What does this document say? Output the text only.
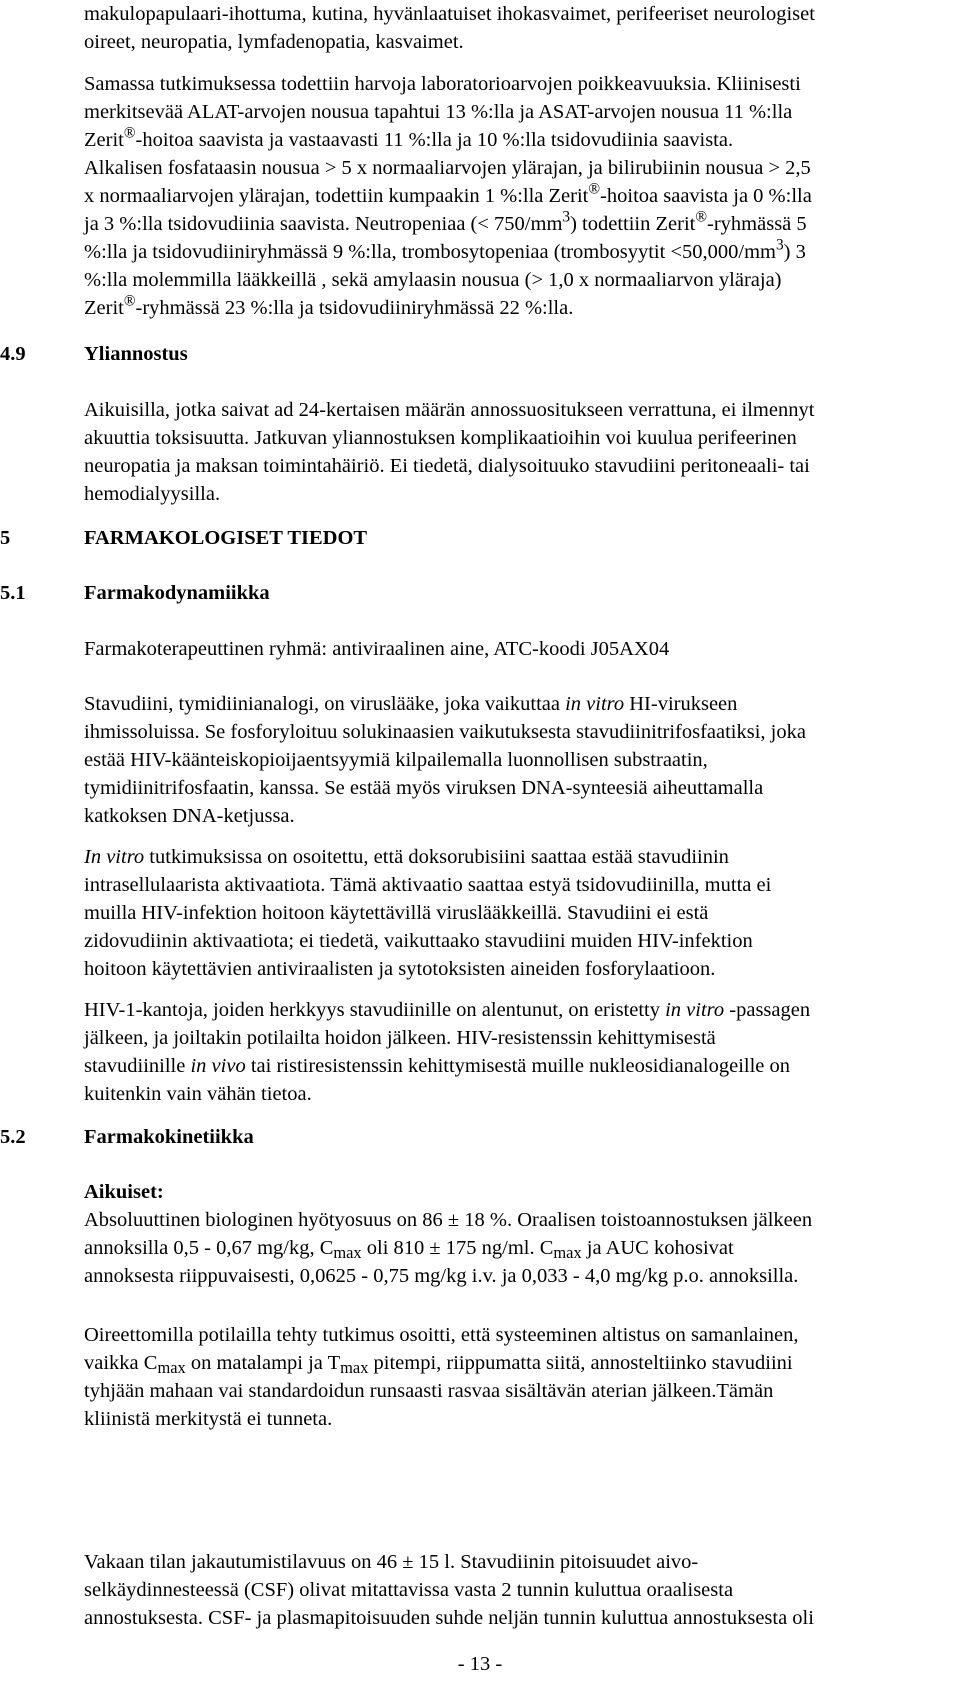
makulopapulaari-ihottuma, kutina, hyvänlaatuiset ihokasvaimet, perifeeriset neurologiset

oireet, neuropatia, lymfadenopatia, kasvaimet.

Samassa tutkimuksessa todettiin harvoja laboratorioarvojen poikkeavuuksia. Kliinisesti

merkitsevää ALAT-arvojen nousua tapahtui 13 %:lla ja ASAT-arvojen nousua 11 %:lla

Zerit®-hoitoa saavista ja vastaavasti 11 %:lla ja 10 %:lla tsidovudiinia saavista.

Alkalisen fosfataasin nousua > 5 x normaaliarvojen ylärajan, ja bilirubiinin nousua > 2,5

x normaaliarvojen ylärajan, todettiin kumpaakin 1 %:lla Zerit®-hoitoa saavista ja 0 %:lla

ja 3 %:lla tsidovudiinia saavista. Neutropeniaa (< $750/mm^3$) todettiin Zerit®-ryhmässä 5

%:lla ja tsidovudiiniryhmässä 9 %:lla, trombosytopeniaa (trombosyytit $<50,000/mm^3$) 3

%:lla molemmilla lääkkeillä , sekä amylaasin nousua (> 1,0 x normaaliarvon yläraja)

Zerit®-ryhmässä 23 %:lla ja tsidovudiiniryhmässä 22 %:lla.

4.9	Yliannostus

Aikuisilla, jotka saivat ad 24-kertaisen määrän annossuositukseen verrattuna, ei ilmennyt

akuuttia toksisuutta. Jatkuvan yliannostuksen komplikaatioihin voi kuulua perifeerinen

neuropatia ja maksan toimintahäiriö. Ei tiedetä, dialysoituuko stavudiini peritoneaali- tai

hemodialyysilla.

5	FARMAKOLOGISET TIEDOT
5.1	Farmakodynamiikka

Farmakoterapeuttinen ryhmä: antiviraalinen aine, ATC-koodi J05AX04

Stavudiini, tymidiinianalogi, on viruslääke, joka vaikuttaa in vitro HI-virukseen

ihmissoluissa. Se fosforyloituu solukinaasien vaikutuksesta stavudiinitrifosfaatiksi, joka

estää HIV-käänteiskopioijaentsyymiä kilpailemalla luonnollisen substraatin,

tymidiinitrifosfaatin, kanssa. Se estää myös viruksen DNA-synteesiä aiheuttamalla

katkoksen DNA-ketjussa.

In vitro tutkimuksissa on osoitettu, että doksorubisiini saattaa estää stavudiinin

intrasellulaarista aktivaatiota. Tämä aktivaatio saattaa estyä tsidovudiinilla, mutta ei

muilla HIV-infektion hoitoon käytettävillä viruslääkkeillä. Stavudiini ei estä

zidovudiinin aktivaatiota; ei tiedetä, vaikuttaako stavudiini muiden HIV-infektion

hoitoon käytettävien antiviraalisten ja sytotoksisten aineiden fosforylaatioon.

HIV-1-kantoja, joiden herkkyys stavudiinille on alentunut, on eristetty in vitro -passagen

jälkeen, ja joiltakin potilailta hoidon jälkeen. HIV-resistenssin kehittymisestä

stavudiinille in vivo tai ristiresistenssin kehittymisestä muille nukleosidianalogeille on

kuitenkin vain vähän tietoa.

5.2	Farmakokinetiikka

Aikuiset:

Absoluuttinen biologinen hyötyosuus on 86 ± 18 %. Oraalisen toistoannostuksen jälkeen

annoksilla 0,5 - 0,67 mg/kg, $C_{max}$ oli 810 ± 175 ng/ml. $C_{max}$ ja AUC kohosivat

annoksesta riippuvaisesti, 0,0625 - 0,75 mg/kg i.v. ja 0,033 - 4,0 mg/kg p.o. annoksilla.

Oireettomilla potilailla tehty tutkimus osoitti, että systeeminen altistus on samanlainen,

vaikka $C_{max}$ on matalampi ja $T_{max}$ pitempi, riippumatta siitä, annosteltiinko stavudiini

tyhjään mahaan vai standardoidun runsaasti rasvaa sisältävän aterian jälkeen.Tämän

kliinistä merkitystä ei tunneta.

Vakaan tilan jakautumistilavuus on 46 ± 15 l. Stavudiinin pitoisuudet aivo-

selkäydinnesteessä (CSF) olivat mitattavissa vasta 2 tunnin kuluttua oraalisesta

annostuksesta. CSF- ja plasmapitoisuuden suhde neljän tunnin kuluttua annostuksesta oli

- 13 -
